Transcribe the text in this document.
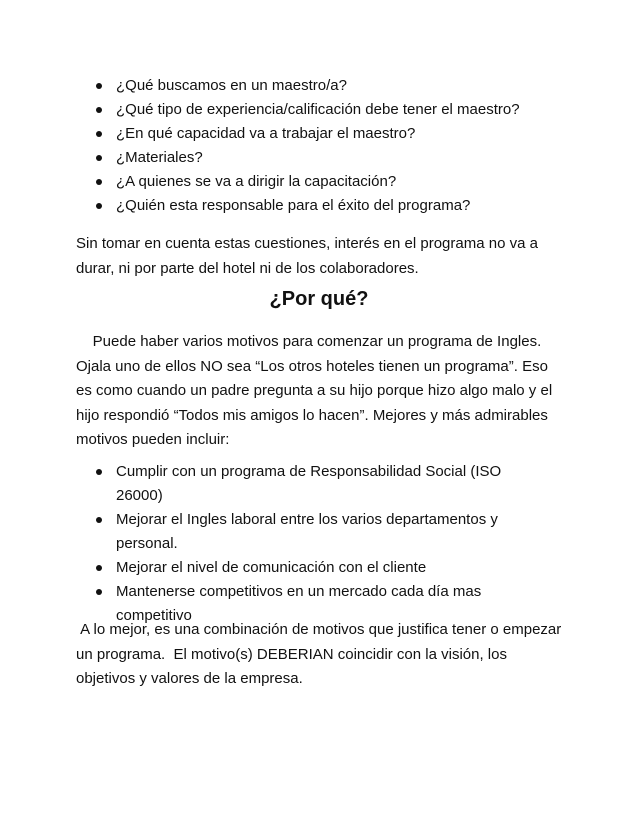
¿Qué buscamos en un maestro/a?
¿Qué tipo de experiencia/calificación debe tener el maestro?
¿En qué capacidad va a trabajar el maestro?
¿Materiales?
¿A quienes se va a dirigir la capacitación?
¿Quién esta responsable para el éxito del programa?

Sin tomar en cuenta estas cuestiones, interés en el programa no va a durar, ni por parte del hotel ni de los colaboradores.

¿Por qué?

Puede haber varios motivos para comenzar un programa de Ingles. Ojala uno de ellos NO sea “Los otros hoteles tienen un programa”. Eso es como cuando un padre pregunta a su hijo porque hizo algo malo y el hijo respondió “Todos mis amigos lo hacen”. Mejores y más admirables motivos pueden incluir:

Cumplir con un programa de Responsabilidad Social (ISO 26000)
Mejorar el Ingles laboral entre los varios departamentos y personal.
Mejorar el nivel de comunicación con el cliente
Mantenerse competitivos en un mercado cada día mas competitivo

A lo mejor, es una combinación de motivos que justifica tener o empezar un programa.  El motivo(s) DEBERIAN coincidir con la visión, los objetivos y valores de la empresa.
